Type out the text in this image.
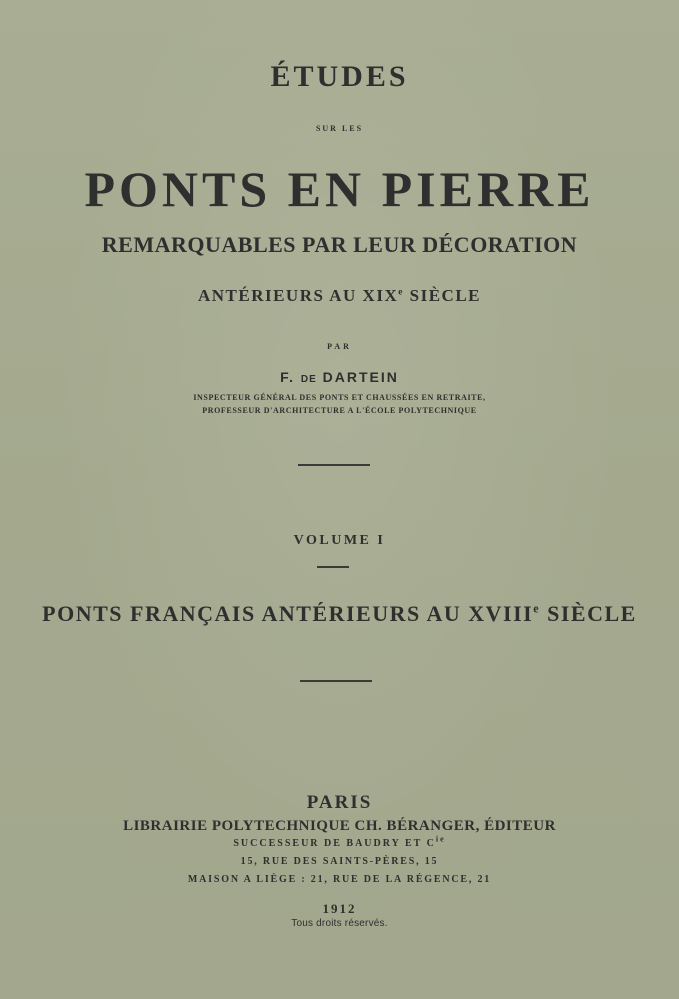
ÉTUDES
SUR LES
PONTS EN PIERRE
REMARQUABLES PAR LEUR DÉCORATION
ANTÉRIEURS AU XIXe SIÈCLE
PAR
F. DE DARTEIN
INSPECTEUR GÉNÉRAL DES PONTS ET CHAUSSÉES EN RETRAITE,
PROFESSEUR D'ARCHITECTURE A L'ÉCOLE POLYTECHNIQUE
VOLUME I
PONTS FRANÇAIS ANTÉRIEURS AU XVIIIe SIÈCLE
PARIS
LIBRAIRIE POLYTECHNIQUE CH. BÉRANGER, ÉDITEUR
SUCCESSEUR DE BAUDRY ET $C^{ie}$
15, RUE DES SAINTS-PÈRES, 15
MAISON A LIÈGE : 21, RUE DE LA RÉGENCE, 21
1912
Tous droits réservés.
